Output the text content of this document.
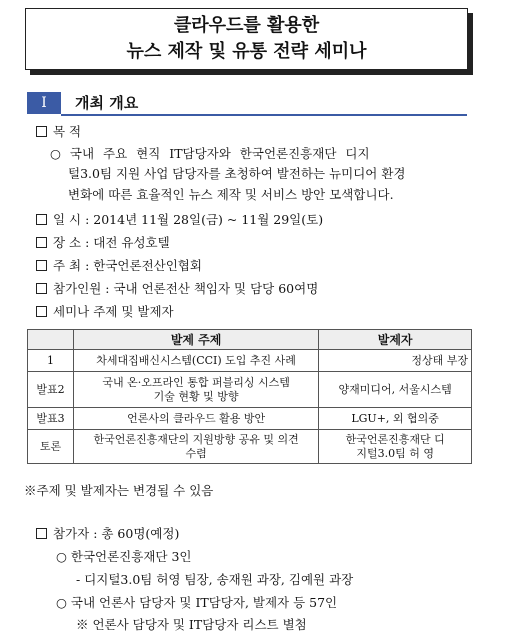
클라우드를 활용한
뉴스 제작 및 유통 전략 세미나
Ⅰ	개최 개요
목 적
○ 국내 주요 현직 IT담당자와 한국언론진흥재단 디지
털3.0팀 지원 사업 담당자를 초청하여 발전하는 뉴미디어 환경
변화에 따른 효율적인 뉴스 제작 및 서비스 방안 모색합니다.
일 시 : 2014년 11월 28일(금) ~ 11월 29일(토)
장 소 : 대전 유성호텔
주 최 : 한국언론전산인협회
참가인원 : 국내 언론전산 책임자 및 담당 60여명
세미나 주제 및 발제자
	발제 주제	발제자
1	차세대집배신시스템(CCI) 도입 추진 사례	정상태 부장
발표2	국내 온·오프라인 통합 퍼블리싱 시스템 기술 현황 및 방향	양재미디어, 서울시스템
발표3	언론사의 클라우드 활용 방안	LGU+, 외 협의중
토론	한국언론진흥재단의 지원방향 공유 및 의견수렴	한국언론진흥재단 디지털3.0팀 허 영
※주제 및 발제자는 변경될 수 있음
참가자 : 총 60명(예정)
○ 한국언론진흥재단 3인
- 디지털3.0팀 허영 팀장, 송재원 과장, 김예원 과장
○ 국내 언론사 담당자 및 IT담당자, 발제자 등 57인
※ 언론사 담당자 및 IT담당자 리스트 별첨
